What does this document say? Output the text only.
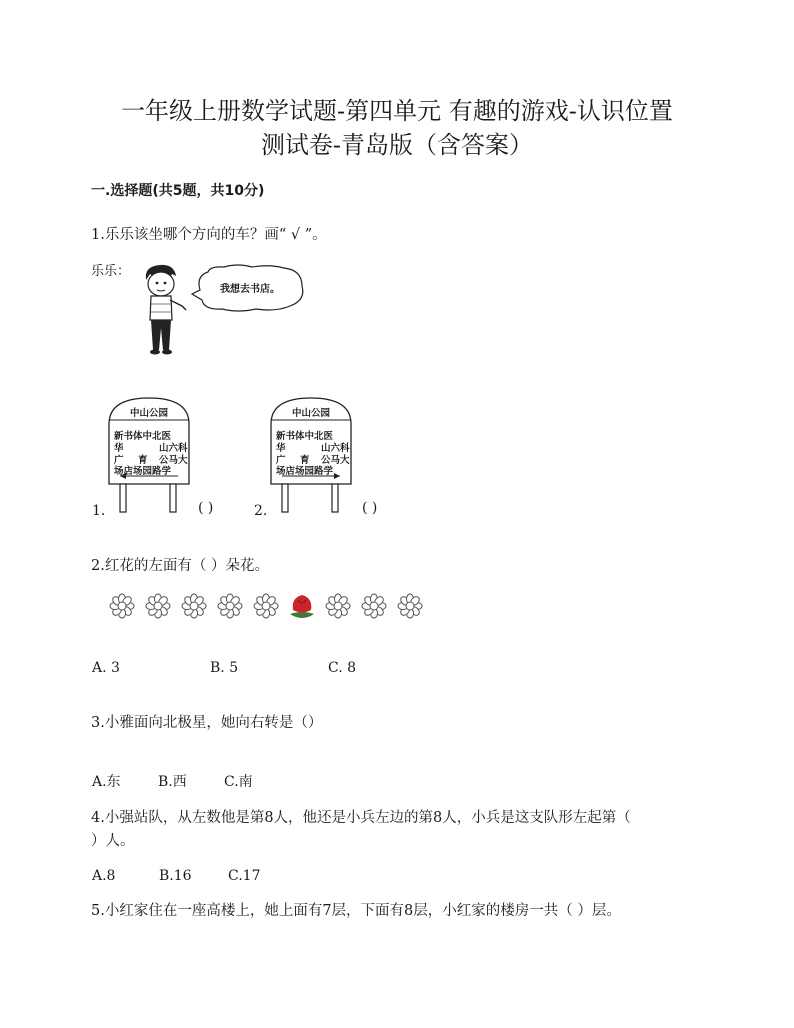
一年级上册数学试题-第四单元 有趣的游戏-认识位置
测试卷-青岛版（含答案）
一.选择题(共5题，共10分)
1.乐乐该坐哪个方向的车？画“ √ ”。
乐乐：
我想去书店。
中山公园
新书体中北医
华	山六科
广 育 公马大
场店场园路学
1.	( )
中山公园
新书体中北医
华	山六科
广 育 公马大
场店场园路学
2.	( )
2.红花的左面有（ ）朵花。
A. 3	B. 5	C. 8
3.小雅面向北极星，她向右转是（）
A.东	B.西	C.南
4.小强站队，从左数他是第8人，他还是小兵左边的第8人，小兵是这支队形左起第（
）人。
A.8	B.16	C.17
5.小红家住在一座高楼上，她上面有7层，下面有8层，小红家的楼房一共（ ）层。
